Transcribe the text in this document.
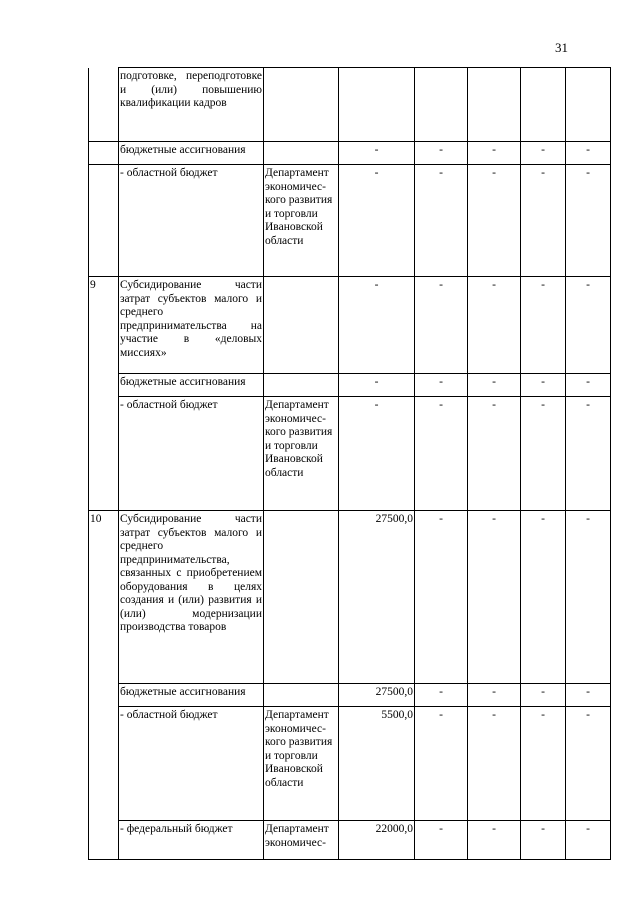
31
	подготовке, переподготовке и (или) повышению квалификации кадров						
	бюджетные ассигнования		-	-	-	-	-
	- областной бюджет	Департамент экономичес-кого развития и торговли Ивановской области	-	-	-	-	-
9	Субсидирование части затрат субъектов малого и среднего предпринимательства на участие в «деловых миссиях»		-	-	-	-	-
	бюджетные ассигнования		-	-	-	-	-
	- областной бюджет	Департамент экономичес-кого развития и торговли Ивановской области	-	-	-	-	-
10	Субсидирование части затрат субъектов малого и среднего предпринимательства, связанных с приобретением оборудования в целях создания и (или) развития и (или) модернизации производства товаров		27500,0	-	-	-	-
	бюджетные ассигнования		27500,0	-	-	-	-
	- областной бюджет	Департамент экономичес-кого развития и торговли Ивановской области	5500,0	-	-	-	-
	- федеральный бюджет	Департамент экономичес-	22000,0	-	-	-	-
